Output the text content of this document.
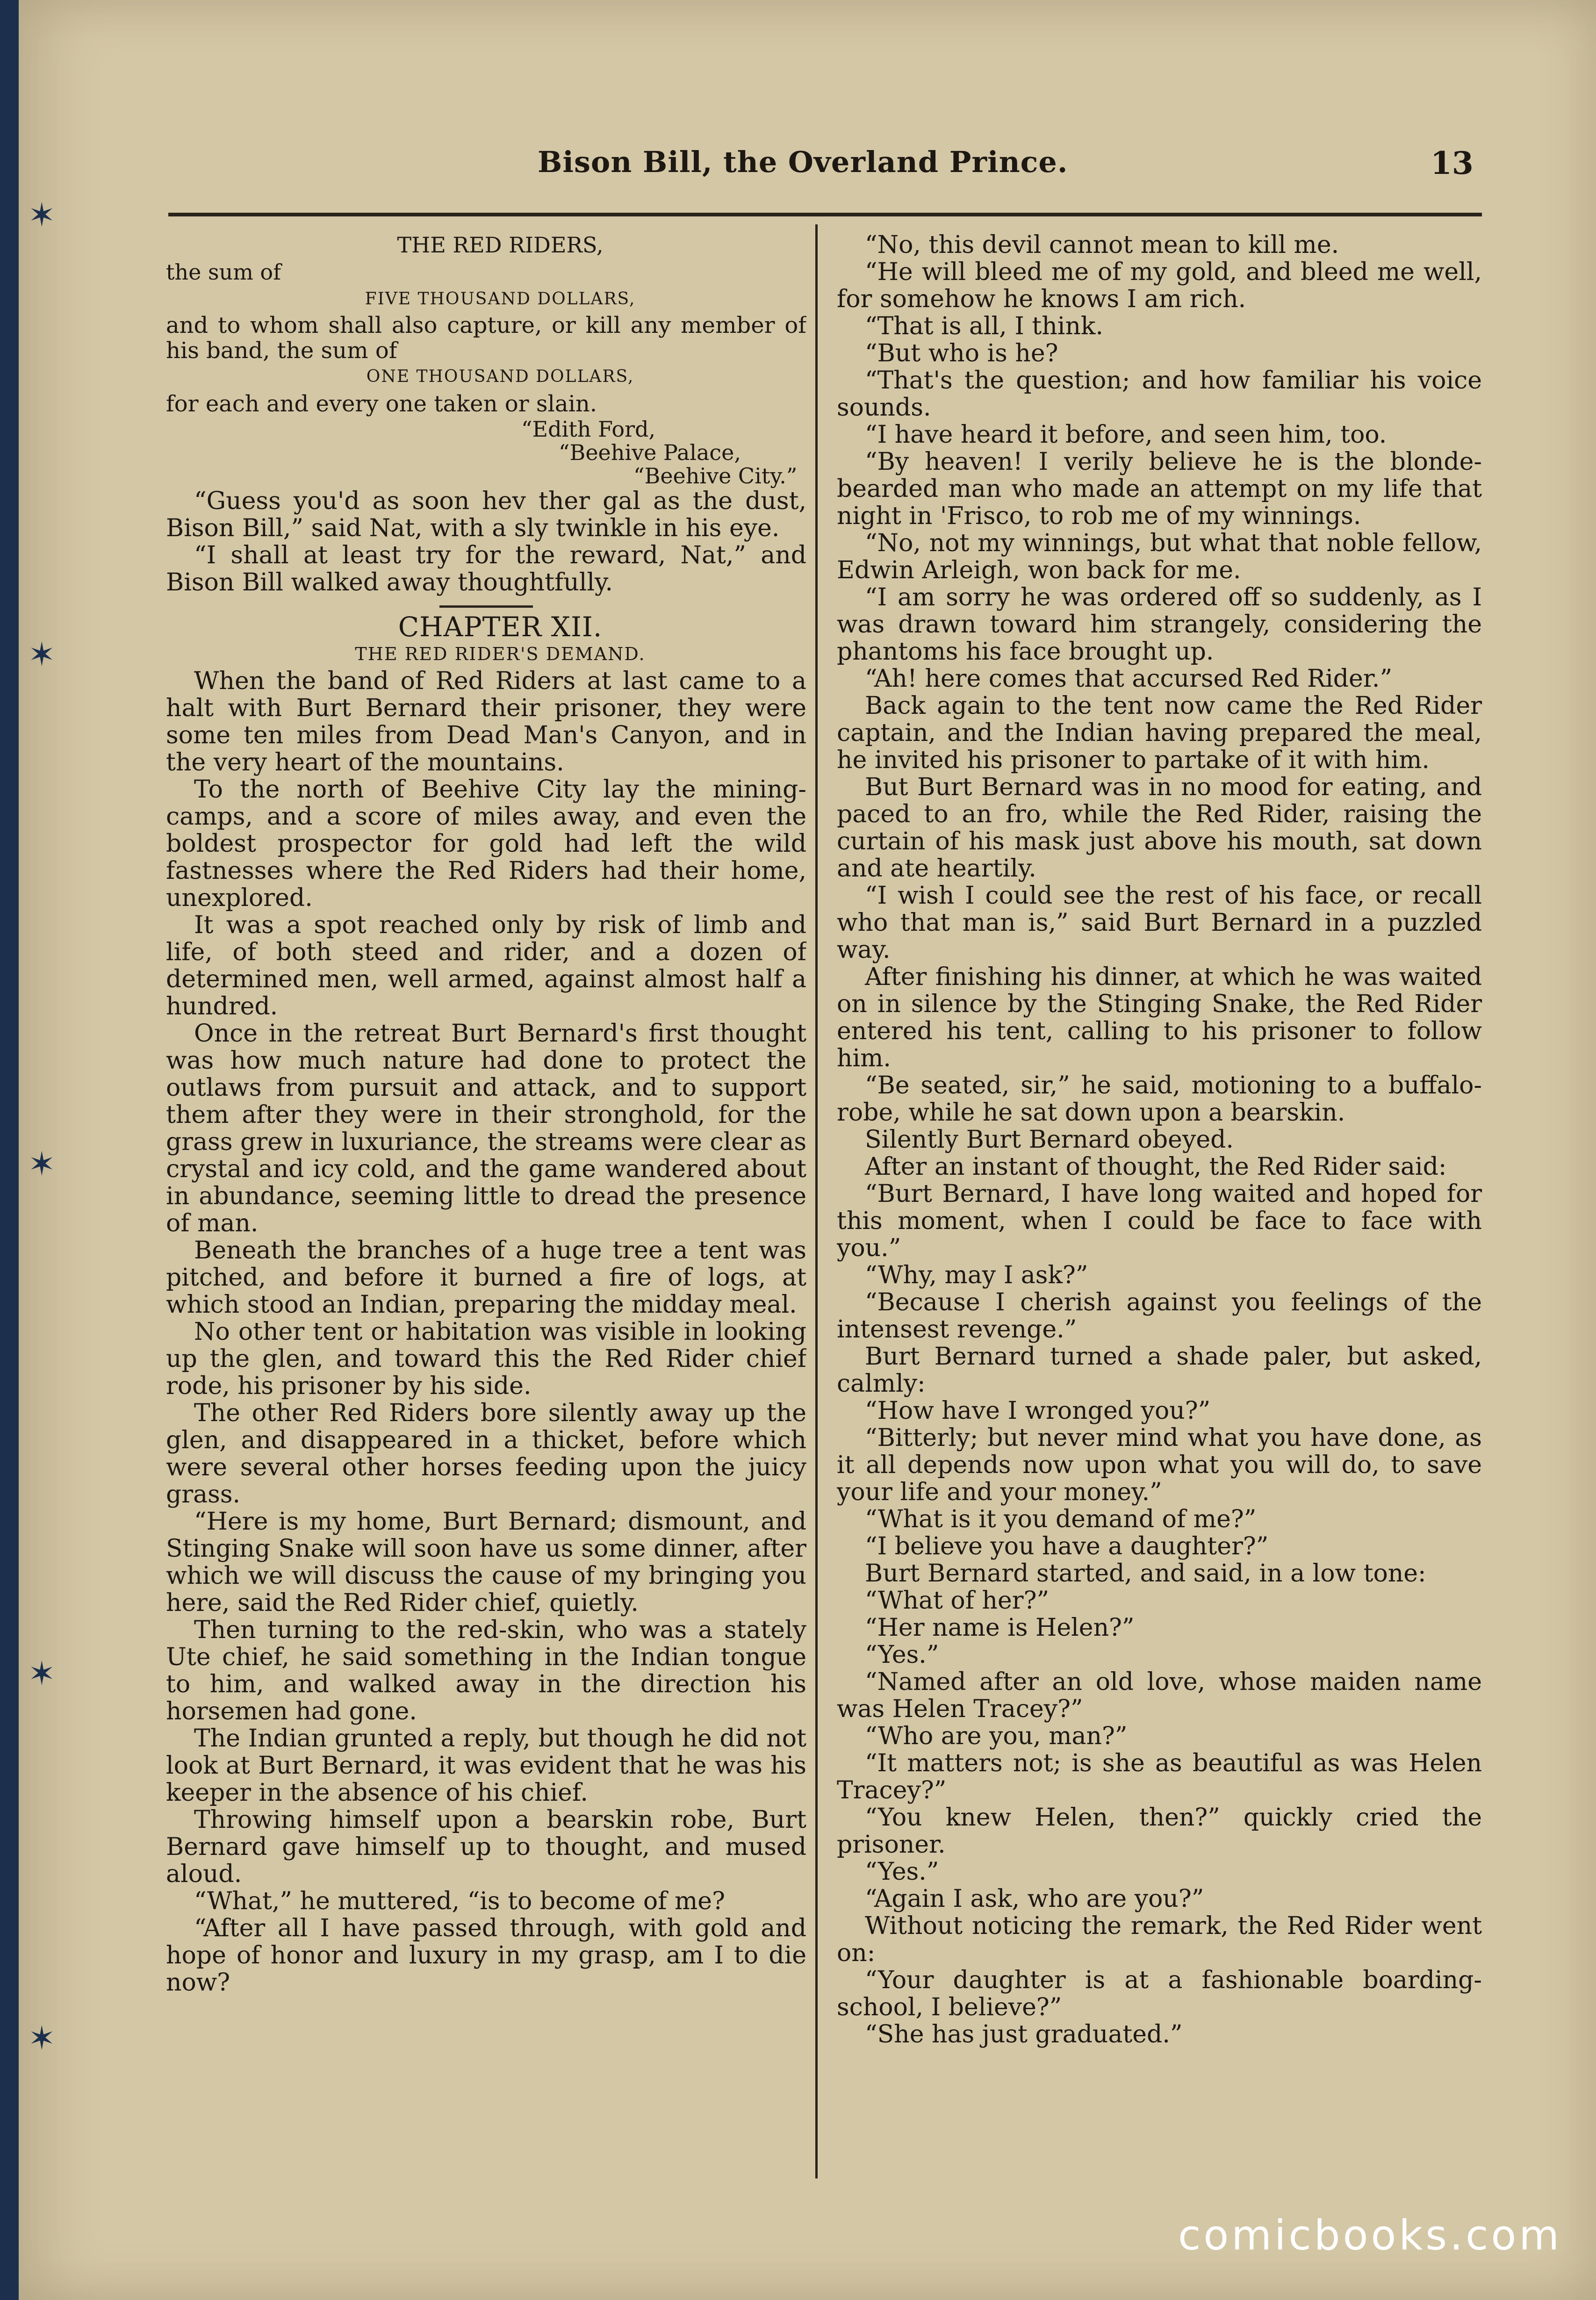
✶
✶
✶
✶
✶
Bison Bill, the Overland Prince.	13

THE RED RIDERS,

the sum of

FIVE THOUSAND DOLLARS,

and to whom shall also capture, or kill any member of his band, the sum of

ONE THOUSAND DOLLARS,

for each and every one taken or slain.

“Edith Ford,

“Beehive Palace,

“Beehive City.”

“Guess you'd as soon hev ther gal as the dust, Bison Bill,” said Nat, with a sly twinkle in his eye.

“I shall at least try for the reward, Nat,” and Bison Bill walked away thoughtfully.

CHAPTER XII.

THE RED RIDER'S DEMAND.

When the band of Red Riders at last came to a halt with Burt Bernard their prisoner, they were some ten miles from Dead Man's Canyon, and in the very heart of the mountains.

To the north of Beehive City lay the mining-camps, and a score of miles away, and even the boldest prospector for gold had left the wild fastnesses where the Red Riders had their home, unexplored.

It was a spot reached only by risk of limb and life, of both steed and rider, and a dozen of determined men, well armed, against almost half a hundred.

Once in the retreat Burt Bernard's first thought was how much nature had done to protect the outlaws from pursuit and attack, and to support them after they were in their stronghold, for the grass grew in luxuriance, the streams were clear as crystal and icy cold, and the game wandered about in abundance, seeming little to dread the presence of man.

Beneath the branches of a huge tree a tent was pitched, and before it burned a fire of logs, at which stood an Indian, preparing the midday meal.

No other tent or habitation was visible in looking up the glen, and toward this the Red Rider chief rode, his prisoner by his side.

The other Red Riders bore silently away up the glen, and disappeared in a thicket, before which were several other horses feeding upon the juicy grass.

“Here is my home, Burt Bernard; dismount, and Stinging Snake will soon have us some dinner, after which we will discuss the cause of my bringing you here, said the Red Rider chief, quietly.

Then turning to the red-skin, who was a stately Ute chief, he said something in the Indian tongue to him, and walked away in the direction his horsemen had gone.

The Indian grunted a reply, but though he did not look at Burt Bernard, it was evident that he was his keeper in the absence of his chief.

Throwing himself upon a bearskin robe, Burt Bernard gave himself up to thought, and mused aloud.

“What,” he muttered, “is to become of me?

“After all I have passed through, with gold and hope of honor and luxury in my grasp, am I to die now?

“No, this devil cannot mean to kill me.

“He will bleed me of my gold, and bleed me well, for somehow he knows I am rich.

“That is all, I think.

“But who is he?

“That's the question; and how familiar his voice sounds.

“I have heard it before, and seen him, too.

“By heaven! I verily believe he is the blonde-bearded man who made an attempt on my life that night in 'Frisco, to rob me of my winnings.

“No, not my winnings, but what that noble fellow, Edwin Arleigh, won back for me.

“I am sorry he was ordered off so suddenly, as I was drawn toward him strangely, considering the phantoms his face brought up.

“Ah! here comes that accursed Red Rider.”

Back again to the tent now came the Red Rider captain, and the Indian having prepared the meal, he invited his prisoner to partake of it with him.

But Burt Bernard was in no mood for eating, and paced to an fro, while the Red Rider, raising the curtain of his mask just above his mouth, sat down and ate heartily.

“I wish I could see the rest of his face, or recall who that man is,” said Burt Bernard in a puzzled way.

After finishing his dinner, at which he was waited on in silence by the Stinging Snake, the Red Rider entered his tent, calling to his prisoner to follow him.

“Be seated, sir,” he said, motioning to a buffalo-robe, while he sat down upon a bearskin.

Silently Burt Bernard obeyed.

After an instant of thought, the Red Rider said:

“Burt Bernard, I have long waited and hoped for this moment, when I could be face to face with you.”

“Why, may I ask?”

“Because I cherish against you feelings of the intensest revenge.”

Burt Bernard turned a shade paler, but asked, calmly:

“How have I wronged you?”

“Bitterly; but never mind what you have done, as it all depends now upon what you will do, to save your life and your money.”

“What is it you demand of me?”

“I believe you have a daughter?”

Burt Bernard started, and said, in a low tone:

“What of her?”

“Her name is Helen?”

“Yes.”

“Named after an old love, whose maiden name was Helen Tracey?”

“Who are you, man?”

“It matters not; is she as beautiful as was Helen Tracey?”

“You knew Helen, then?” quickly cried the prisoner.

“Yes.”

“Again I ask, who are you?”

Without noticing the remark, the Red Rider went on:

“Your daughter is at a fashionable boarding-school, I believe?”

“She has just graduated.”

comicbooks.com
